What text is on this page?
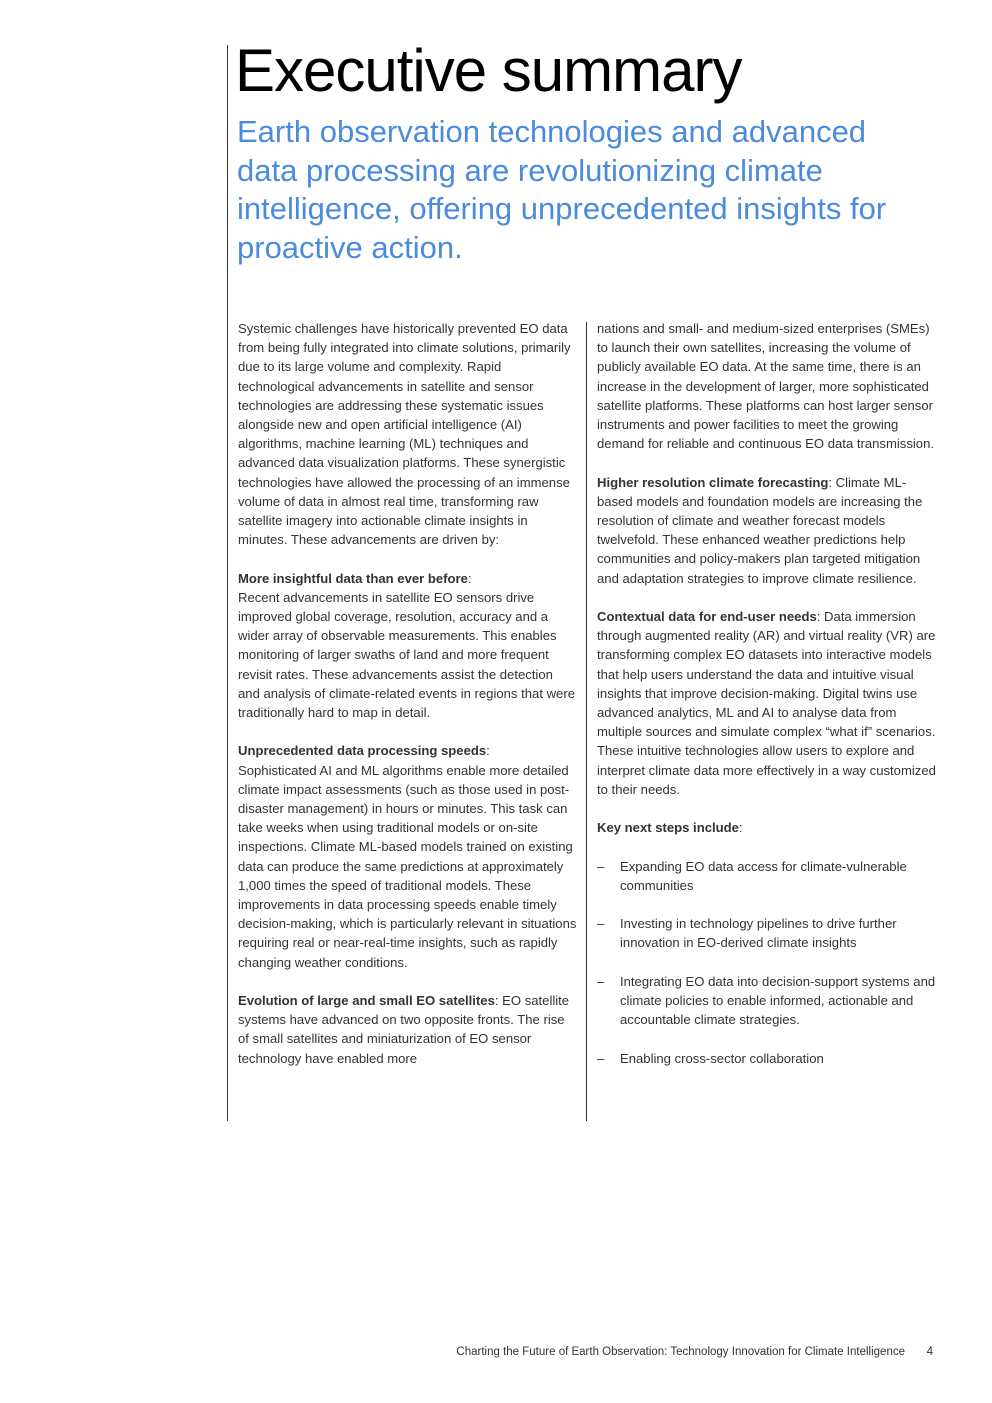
Executive summary
Earth observation technologies and advanced data processing are revolutionizing climate intelligence, offering unprecedented insights for proactive action.

Systemic challenges have historically prevented EO data from being fully integrated into climate solutions, primarily due to its large volume and complexity. Rapid technological advancements in satellite and sensor technologies are addressing these systematic issues alongside new and open artificial intelligence (AI) algorithms, machine learning (ML) techniques and advanced data visualization platforms. These synergistic technologies have allowed the processing of an immense volume of data in almost real time, transforming raw satellite imagery into actionable climate insights in minutes. These advancements are driven by:

More insightful data than ever before:
Recent advancements in satellite EO sensors drive improved global coverage, resolution, accuracy and a wider array of observable measurements. This enables monitoring of larger swaths of land and more frequent revisit rates. These advancements assist the detection and analysis of climate-related events in regions that were traditionally hard to map in detail.

Unprecedented data processing speeds:
Sophisticated AI and ML algorithms enable more detailed climate impact assessments (such as those used in post-disaster management) in hours or minutes. This task can take weeks when using traditional models or on-site inspections. Climate ML-based models trained on existing data can produce the same predictions at approximately 1,000 times the speed of traditional models. These improvements in data processing speeds enable timely decision-making, which is particularly relevant in situations requiring real or near-real-time insights, such as rapidly changing weather conditions.

Evolution of large and small EO satellites: EO satellite systems have advanced on two opposite fronts. The rise of small satellites and miniaturization of EO sensor technology have enabled more

nations and small- and medium-sized enterprises (SMEs) to launch their own satellites, increasing the volume of publicly available EO data. At the same time, there is an increase in the development of larger, more sophisticated satellite platforms. These platforms can host larger sensor instruments and power facilities to meet the growing demand for reliable and continuous EO data transmission.

Higher resolution climate forecasting: Climate ML-based models and foundation models are increasing the resolution of climate and weather forecast models twelvefold. These enhanced weather predictions help communities and policy-makers plan targeted mitigation and adaptation strategies to improve climate resilience.

Contextual data for end-user needs: Data immersion through augmented reality (AR) and virtual reality (VR) are transforming complex EO datasets into interactive models that help users understand the data and intuitive visual insights that improve decision-making. Digital twins use advanced analytics, ML and AI to analyse data from multiple sources and simulate complex “what if” scenarios. These intuitive technologies allow users to explore and interpret climate data more effectively in a way customized to their needs.

Key next steps include:

– Expanding EO data access for climate-vulnerable communities
– Investing in technology pipelines to drive further innovation in EO-derived climate insights
– Integrating EO data into decision-support systems and climate policies to enable informed, actionable and accountable climate strategies.
– Enabling cross-sector collaboration
Charting the Future of Earth Observation: Technology Innovation for Climate Intelligence 4
